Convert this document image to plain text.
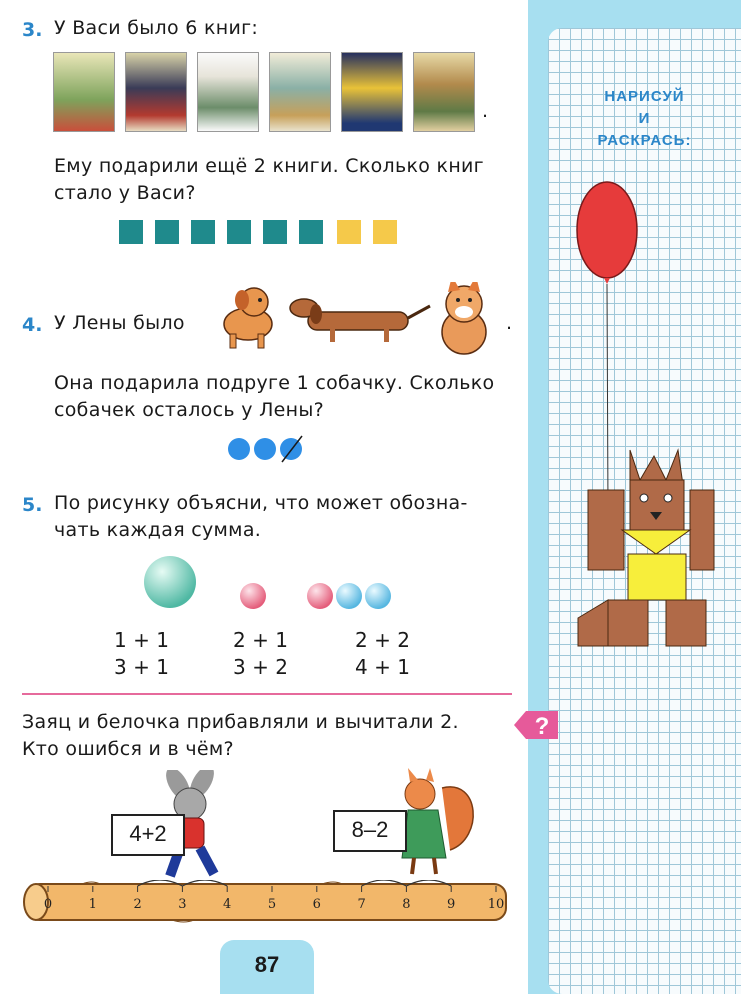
3. У Васи было 6 книг:
.
Ему подарили ещё 2 книги. Сколько книг
стало у Васи?
4. У Лены было	.
Она подарила подруге 1 собачку. Сколько
собачек осталось у Лены?
5. По рисунку объясни, что может обозна-
чать каждая сумма.
1 + 1	2 + 1	2 + 2
3 + 1	3 + 2	4 + 1
Заяц и белочка прибавляли и вычитали 2.
Кто ошибся и в чём?
4+2	8–2
0	1	2	3	4	5	6	7	8	9 10
НАРИСУЙ
И
РАСКРАСЬ:
?
87
